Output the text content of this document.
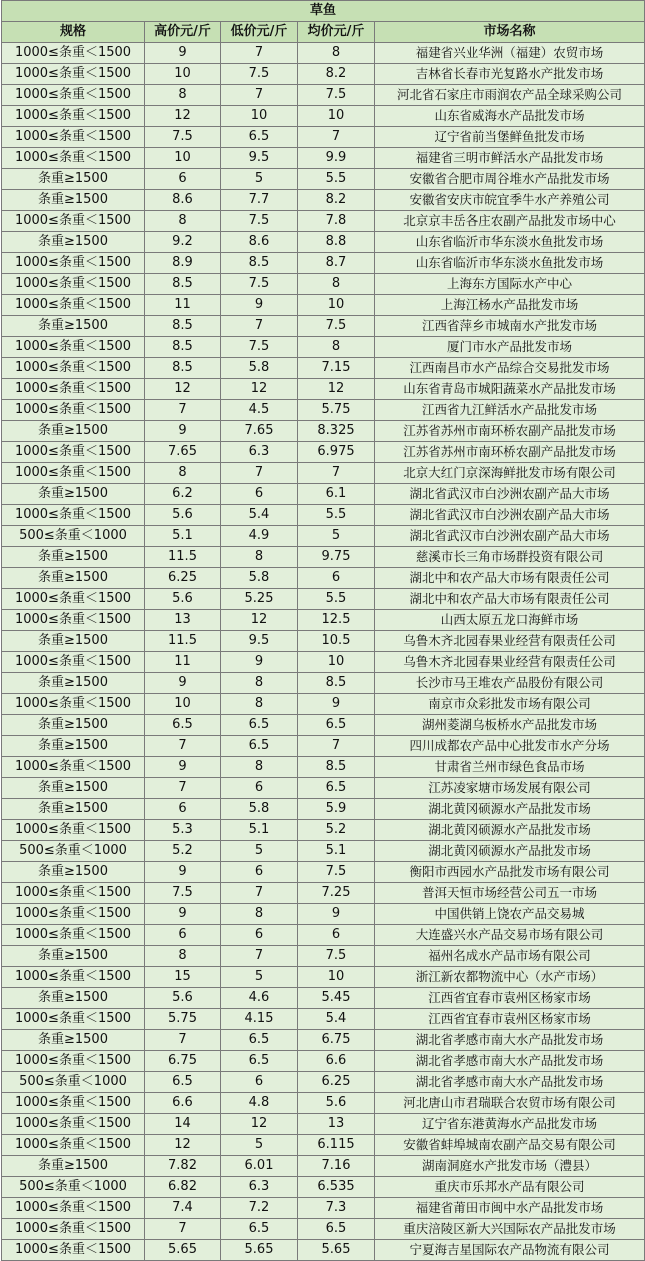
草鱼				
规格	高价元/斤	低价元/斤	均价元/斤	市场名称
1000≤条重＜1500	9	7	8	福建省兴业华洲（福建）农贸市场
1000≤条重＜1500	10	7.5	8.2	吉林省长春市光复路水产批发市场
1000≤条重＜1500	8	7	7.5	河北省石家庄市雨润农产品全球采购公司
1000≤条重＜1500	12	10	10	山东省威海水产品批发市场
1000≤条重＜1500	7.5	6.5	7	辽宁省前当堡鲜鱼批发市场
1000≤条重＜1500	10	9.5	9.9	福建省三明市鲜活水产品批发市场
条重≥1500	6	5	5.5	安徽省合肥市周谷堆水产品批发市场
条重≥1500	8.6	7.7	8.2	安徽省安庆市皖宜季牛水产养殖公司
1000≤条重＜1500	8	7.5	7.8	北京京丰岳各庄农副产品批发市场中心
条重≥1500	9.2	8.6	8.8	山东省临沂市华东淡水鱼批发市场
1000≤条重＜1500	8.9	8.5	8.7	山东省临沂市华东淡水鱼批发市场
1000≤条重＜1500	8.5	7.5	8	上海东方国际水产中心
1000≤条重＜1500	11	9	10	上海江杨水产品批发市场
条重≥1500	8.5	7	7.5	江西省萍乡市城南水产批发市场
1000≤条重＜1500	8.5	7.5	8	厦门市水产品批发市场
1000≤条重＜1500	8.5	5.8	7.15	江西南昌市水产品综合交易批发市场
1000≤条重＜1500	12	12	12	山东省青岛市城阳蔬菜水产品批发市场
1000≤条重＜1500	7	4.5	5.75	江西省九江鲜活水产品批发市场
条重≥1500	9	7.65	8.325	江苏省苏州市南环桥农副产品批发市场
1000≤条重＜1500	7.65	6.3	6.975	江苏省苏州市南环桥农副产品批发市场
1000≤条重＜1500	8	7	7	北京大红门京深海鲜批发市场有限公司
条重≥1500	6.2	6	6.1	湖北省武汉市白沙洲农副产品大市场
1000≤条重＜1500	5.6	5.4	5.5	湖北省武汉市白沙洲农副产品大市场
500≤条重＜1000	5.1	4.9	5	湖北省武汉市白沙洲农副产品大市场
条重≥1500	11.5	8	9.75	慈溪市长三角市场群投资有限公司
条重≥1500	6.25	5.8	6	湖北中和农产品大市场有限责任公司
1000≤条重＜1500	5.6	5.25	5.5	湖北中和农产品大市场有限责任公司
1000≤条重＜1500	13	12	12.5	山西太原五龙口海鲜市场
条重≥1500	11.5	9.5	10.5	乌鲁木齐北园春果业经营有限责任公司
1000≤条重＜1500	11	9	10	乌鲁木齐北园春果业经营有限责任公司
条重≥1500	9	8	8.5	长沙市马王堆农产品股份有限公司
1000≤条重＜1500	10	8	9	南京市众彩批发市场有限公司
条重≥1500	6.5	6.5	6.5	湖州菱湖乌板桥水产品批发市场
条重≥1500	7	6.5	7	四川成都农产品中心批发市水产分场
1000≤条重＜1500	9	8	8.5	甘肃省兰州市绿色食品市场
条重≥1500	7	6	6.5	江苏凌家塘市场发展有限公司
条重≥1500	6	5.8	5.9	湖北黄冈硕源水产品批发市场
1000≤条重＜1500	5.3	5.1	5.2	湖北黄冈硕源水产品批发市场
500≤条重＜1000	5.2	5	5.1	湖北黄冈硕源水产品批发市场
条重≥1500	9	6	7.5	衡阳市西园水产品批发市场有限公司
1000≤条重＜1500	7.5	7	7.25	普洱天恒市场经营公司五一市场
1000≤条重＜1500	9	8	9	中国供销上饶农产品交易城
1000≤条重＜1500	6	6	6	大连盛兴水产品交易市场有限公司
条重≥1500	8	7	7.5	福州名成水产品市场有限公司
1000≤条重＜1500	15	5	10	浙江新农都物流中心（水产市场）
条重≥1500	5.6	4.6	5.45	江西省宜春市袁州区杨家市场
1000≤条重＜1500	5.75	4.15	5.4	江西省宜春市袁州区杨家市场
条重≥1500	7	6.5	6.75	湖北省孝感市南大水产品批发市场
1000≤条重＜1500	6.75	6.5	6.6	湖北省孝感市南大水产品批发市场
500≤条重＜1000	6.5	6	6.25	湖北省孝感市南大水产品批发市场
1000≤条重＜1500	6.6	4.8	5.6	河北唐山市君瑞联合农贸市场有限公司
1000≤条重＜1500	14	12	13	辽宁省东港黄海水产品批发市场
1000≤条重＜1500	12	5	6.115	安徽省蚌埠城南农副产品交易有限公司
条重≥1500	7.82	6.01	7.16	湖南洞庭水产批发市场（澧县）
500≤条重＜1000	6.82	6.3	6.535	重庆市乐邦水产品有限公司
1000≤条重＜1500	7.4	7.2	7.3	福建省莆田市闽中水产品批发市场
1000≤条重＜1500	7	6.5	6.5	重庆涪陵区新大兴国际农产品批发市场
1000≤条重＜1500	5.65	5.65	5.65	宁夏海吉星国际农产品物流有限公司
